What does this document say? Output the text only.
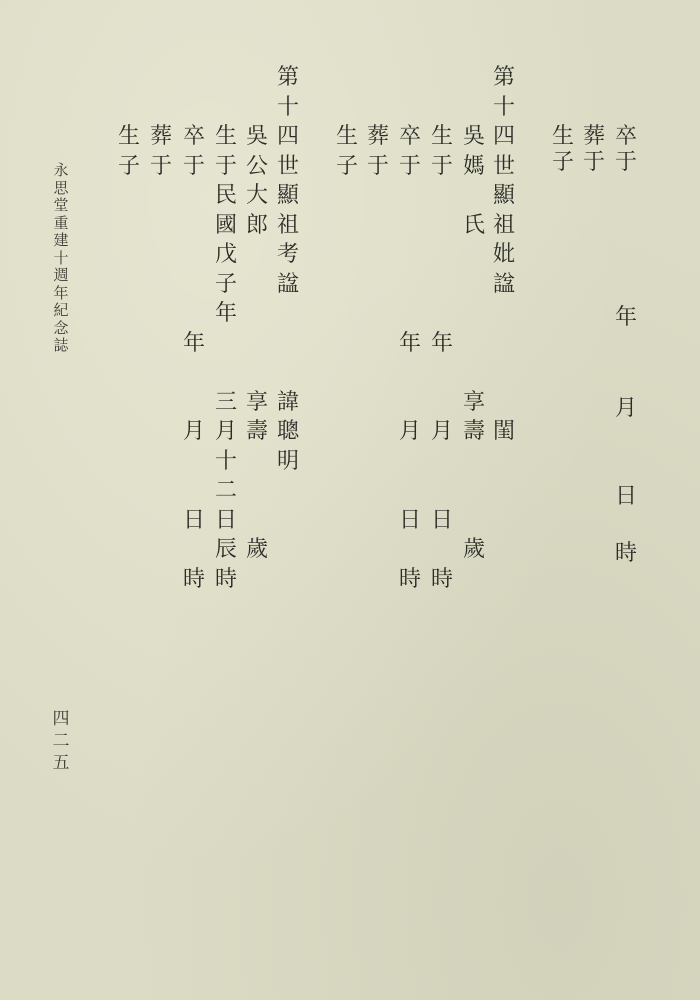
卒
于
年
月
日
時
葬
于
生
子
第
十
四
世
顯
祖
妣
諡
閨
吳
媽
氏
享
壽
歲
生
于
年
月
日
時
卒
于
年
月
日
時
葬
于
生
子
第
十
四
世
顯
祖
考
諡
諱
聰
明
吳
公
大
郎
享
壽
歲
生
于
民
國
戊
子
年
三
月
十
二
日
辰
時
卒
于
年
月
日
時
葬
于
生
子
永
思
堂
重
建
十
週
年
紀
念
誌
四
二
五
